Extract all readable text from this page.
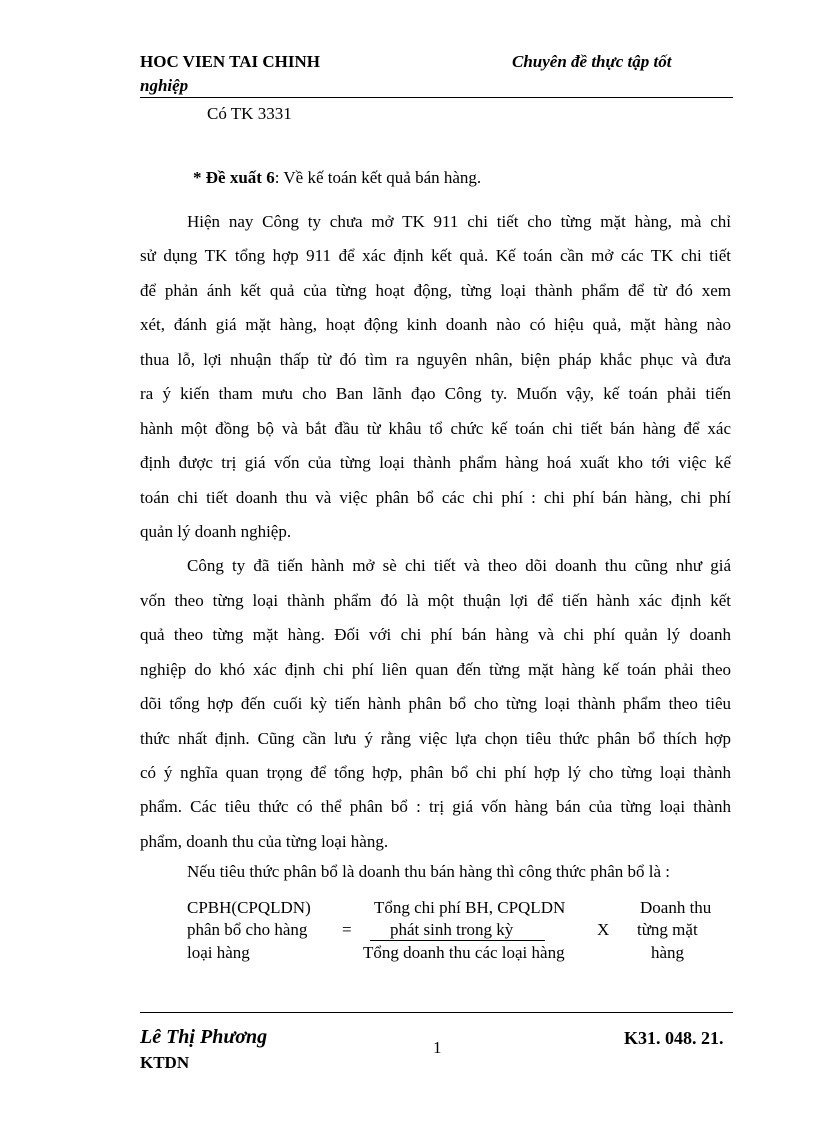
HOC VIEN TAI CHINH
nghiệp
Chuyên đề thực tập tốt
Có TK 3331
* Đề xuất 6: Về kế toán kết quả bán hàng.
Hiện nay Công ty chưa mở TK 911 chi tiết cho từng mặt hàng, mà chỉ
sử dụng TK tổng hợp 911 để xác định kết quả. Kế toán cần mở các TK chi tiết
để phản ánh kết quả của từng hoạt động, từng loại thành phẩm để từ đó xem
xét, đánh giá mặt hàng, hoạt động kinh doanh nào có hiệu quả, mặt hàng nào
thua lỗ, lợi nhuận thấp từ đó tìm ra nguyên nhân, biện pháp khắc phục và đưa
ra ý kiến tham mưu cho Ban lãnh đạo Công ty. Muốn vậy, kế toán phải tiến
hành một đồng bộ và bắt đầu từ khâu tổ chức kế toán chi tiết bán hàng để xác
định được trị giá vốn của từng loại thành phẩm hàng hoá xuất kho tới việc kế
toán chi tiết doanh thu và việc phân bổ các chi phí : chi phí bán hàng, chi phí
quản lý doanh nghiệp.
Công ty đã tiến hành mở sè chi tiết và theo dõi doanh thu cũng như giá
vốn theo từng loại thành phẩm đó là một thuận lợi để tiến hành xác định kết
quả theo từng mặt hàng. Đối với chi phí bán hàng và chi phí quản lý doanh
nghiệp do khó xác định chi phí liên quan đến từng mặt hàng kế toán phải theo
dõi tổng hợp đến cuối kỳ tiến hành phân bổ cho từng loại thành phẩm theo tiêu
thức nhất định. Cũng cần lưu ý rằng việc lựa chọn tiêu thức phân bổ thích hợp
có ý nghĩa quan trọng để tổng hợp, phân bổ chi phí hợp lý cho từng loại thành
phẩm. Các tiêu thức có thể phân bổ : trị giá vốn hàng bán của từng loại thành
phẩm, doanh thu của từng loại hàng.
Nếu tiêu thức phân bổ là doanh thu bán hàng thì công thức phân bổ là :
CPBH(CPQLDN)
phân bổ cho hàng
loại hàng
=
Tổng chi phí BH, CPQLDN
phát sinh trong kỳ
Tổng doanh thu các loại hàng
X
Doanh thu
từng mặt
hàng
Lê Thị Phương
KTDN
1	K31. 048. 21.
